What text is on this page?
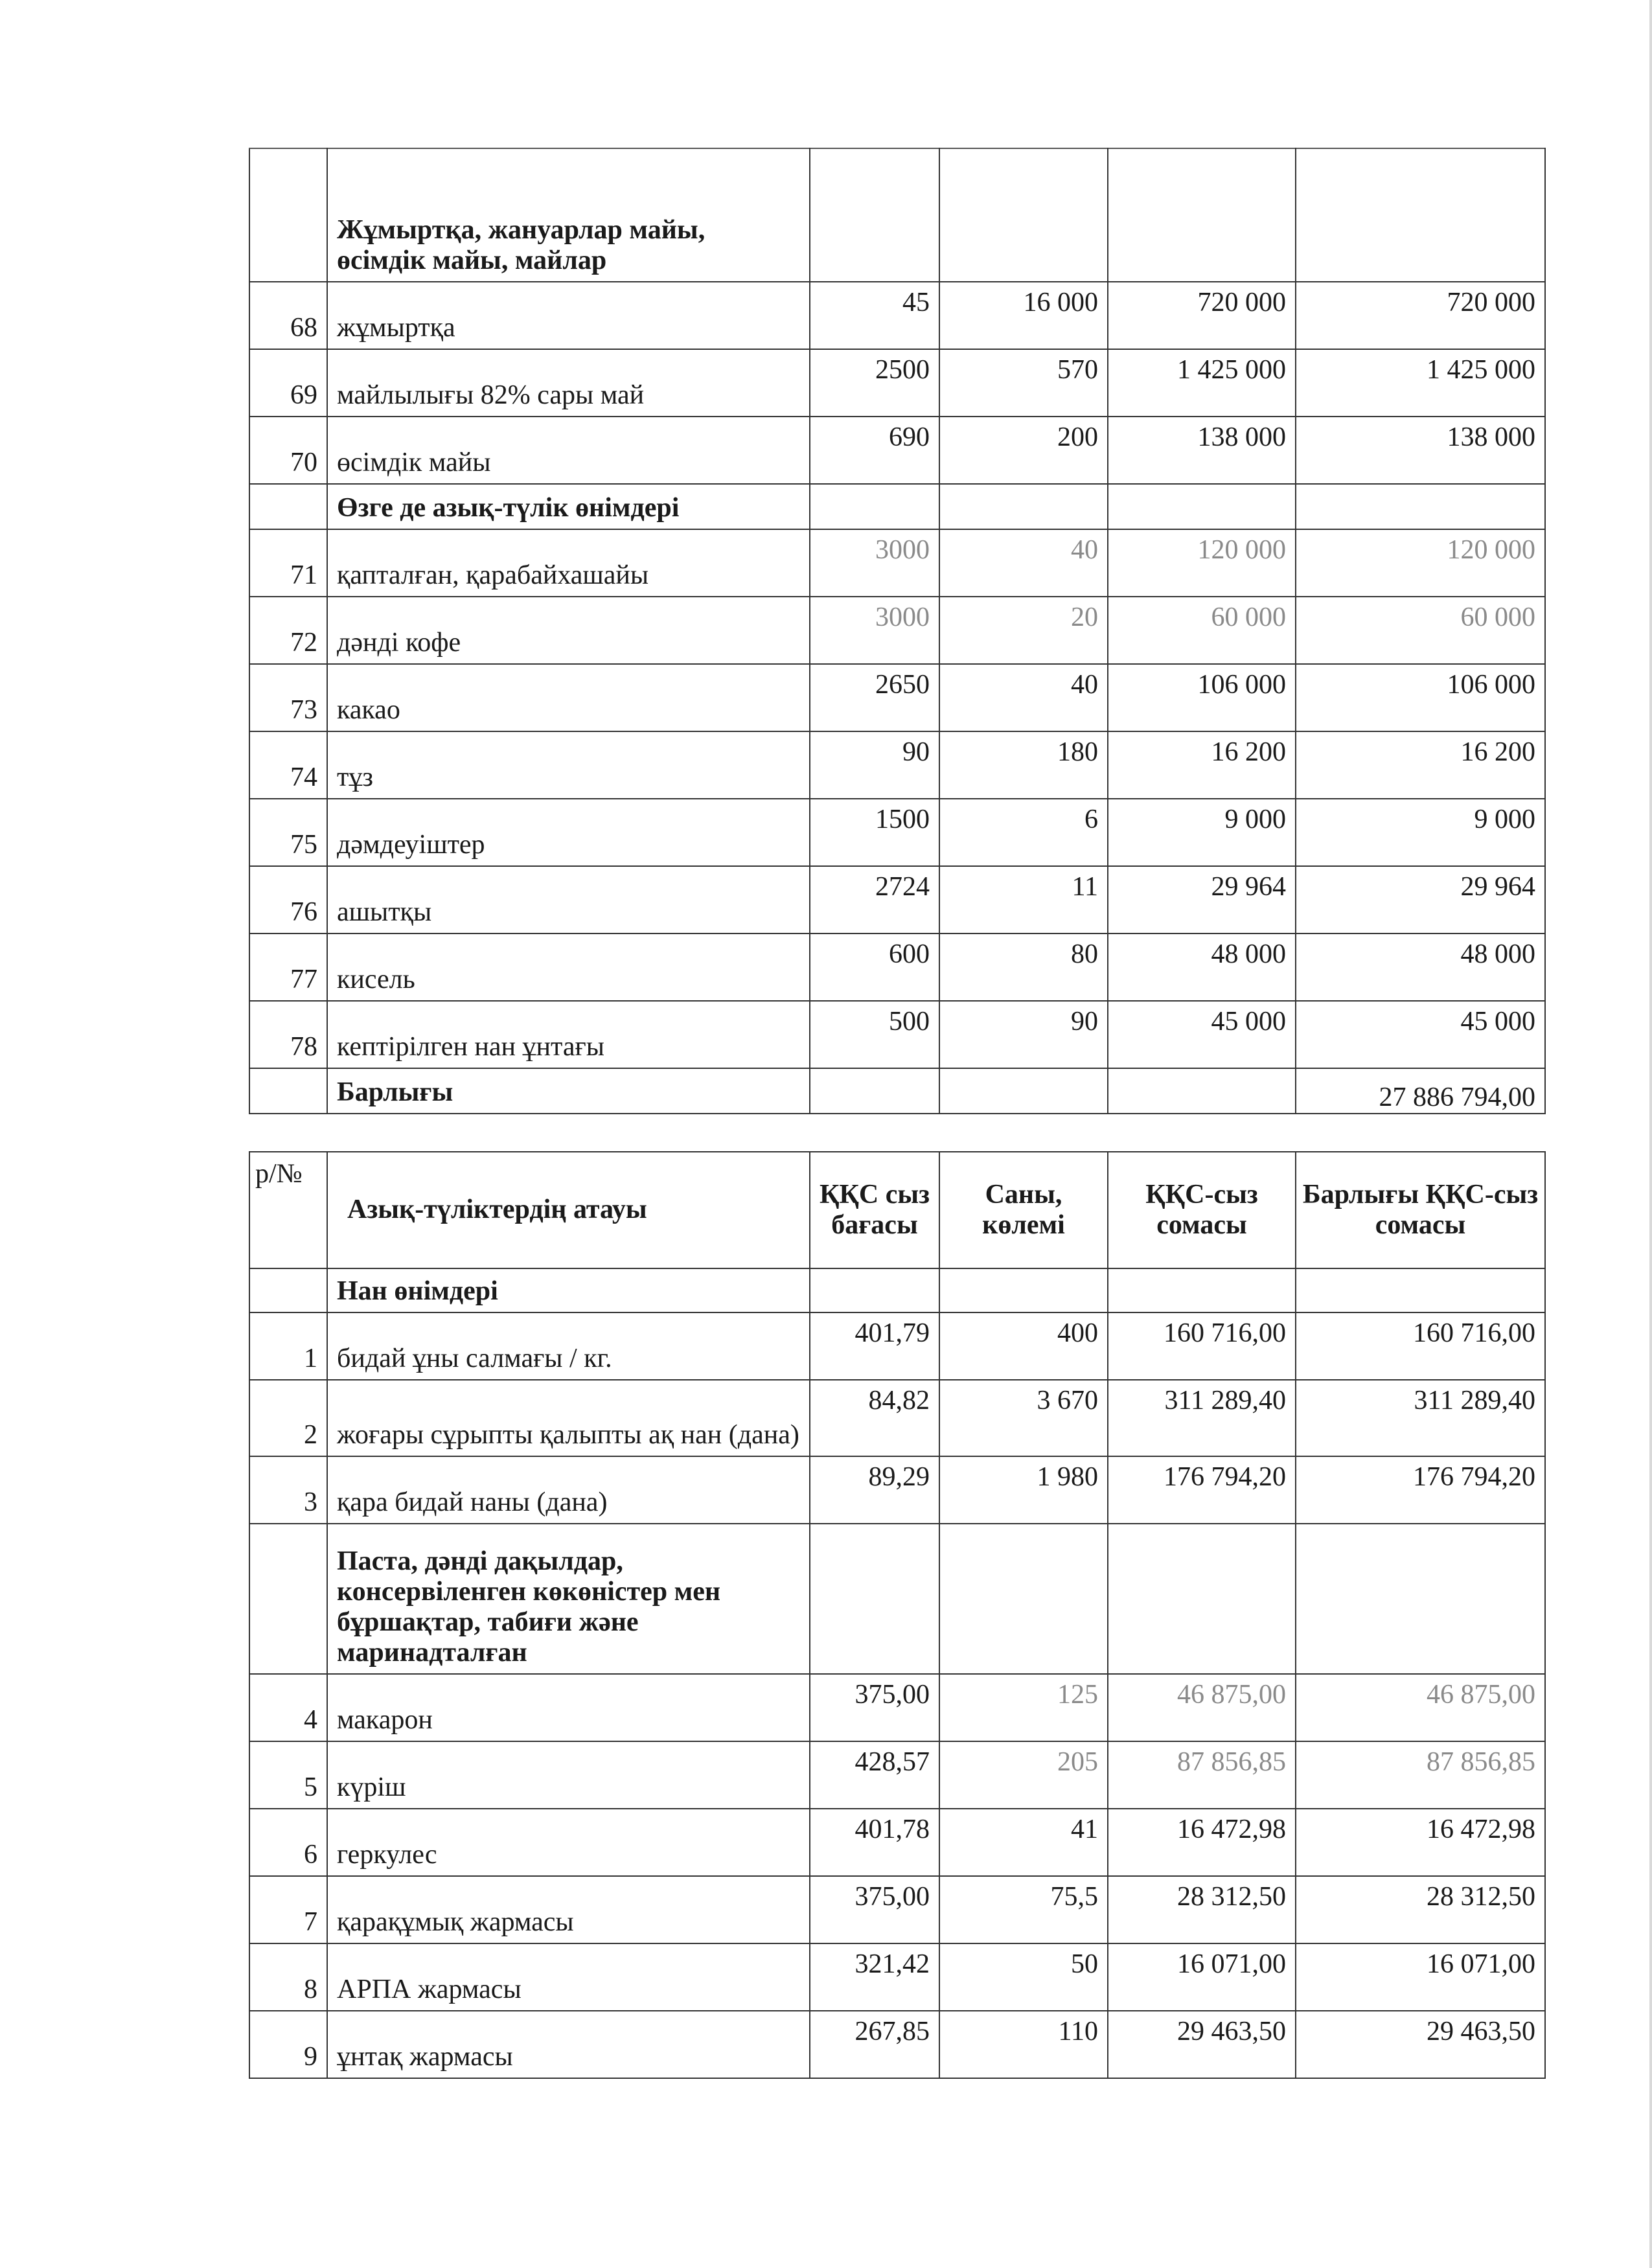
	Жұмыртқа, жануарлар майы, өсімдік майы, майлар				
68	жұмыртқа	45	16 000	720 000	720 000
69	майлылығы 82% сары май	2500	570	1 425 000	1 425 000
70	өсімдік майы	690	200	138 000	138 000
	Өзге де азық-түлік өнімдері				
71	қапталған, қарабайхашайы	3000	40	120 000	120 000
72	дәнді кофе	3000	20	60 000	60 000
73	какао	2650	40	106 000	106 000
74	тұз	90	180	16 200	16 200
75	дәмдеуіштер	1500	6	9 000	9 000
76	ашытқы	2724	11	29 964	29 964
77	кисель	600	80	48 000	48 000
78	кептірілген нан ұнтағы	500	90	45 000	45 000
	Барлығы				27 886 794,00
р/№	Азық-түліктердің атауы	ҚҚС сыз бағасы	Саны, көлемі	ҚҚС-сыз сомасы	Барлығы ҚҚС-сыз сомасы
	Нан өнімдері				
1	бидай ұны салмағы / кг.	401,79	400	160 716,00	160 716,00
2	жоғары сұрыпты қалыпты ақ нан (дана)	84,82	3 670	311 289,40	311 289,40
3	қара бидай наны (дана)	89,29	1 980	176 794,20	176 794,20
	Паста, дәнді дақылдар, консервіленген көкөністер мен бұршақтар, табиғи және маринадталған				
4	макарон	375,00	125	46 875,00	46 875,00
5	күріш	428,57	205	87 856,85	87 856,85
6	геркулес	401,78	41	16 472,98	16 472,98
7	қарақұмық жармасы	375,00	75,5	28 312,50	28 312,50
8	АРПА жармасы	321,42	50	16 071,00	16 071,00
9	ұнтақ жармасы	267,85	110	29 463,50	29 463,50
